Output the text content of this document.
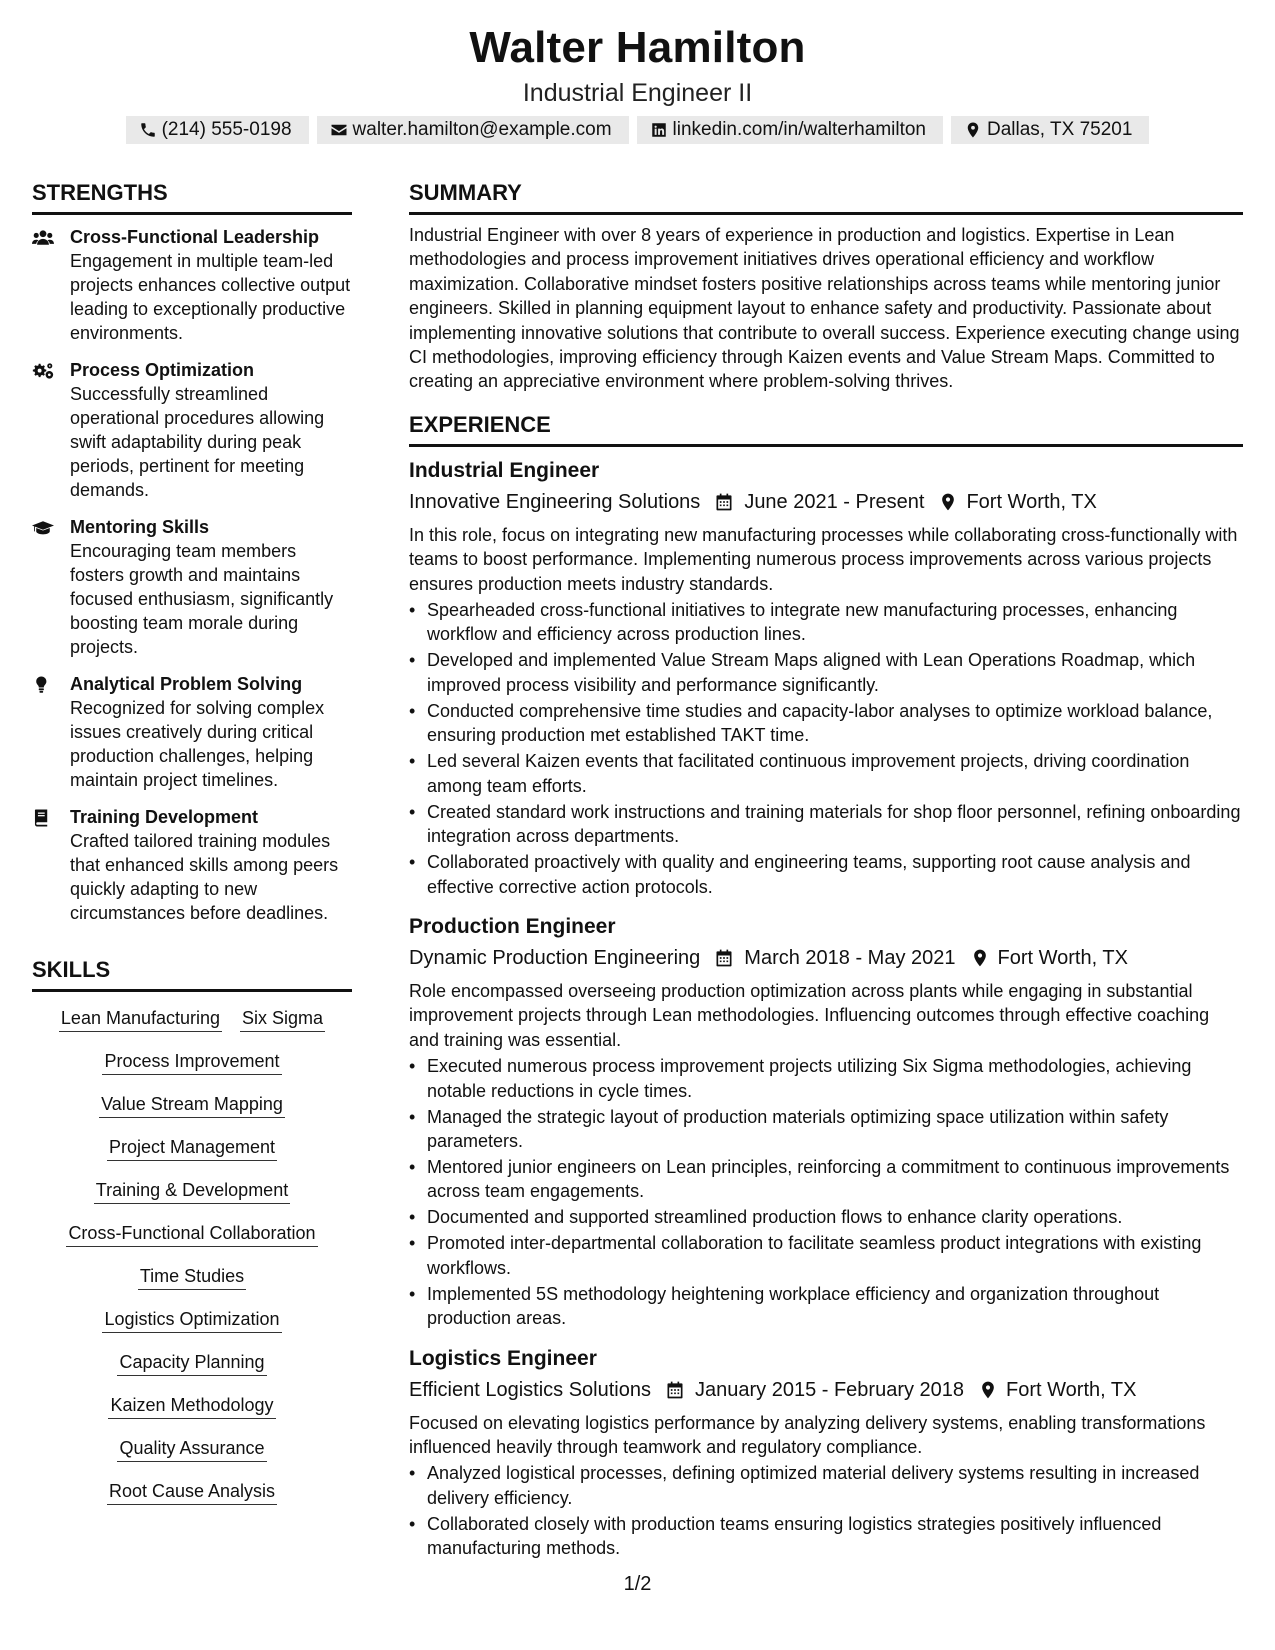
Walter Hamilton
Industrial Engineer II
(214) 555-0198	walter.hamilton@example.com	linkedin.com/in/walterhamilton	Dallas, TX 75201
STRENGTHS
Cross-Functional Leadership
Engagement in multiple team-led projects enhances collective output leading to exceptionally productive environments.
Process Optimization
Successfully streamlined operational procedures allowing swift adaptability during peak periods, pertinent for meeting demands.
Mentoring Skills
Encouraging team members fosters growth and maintains focused enthusiasm, significantly boosting team morale during projects.
Analytical Problem Solving
Recognized for solving complex issues creatively during critical production challenges, helping maintain project timelines.
Training Development
Crafted tailored training modules that enhanced skills among peers quickly adapting to new circumstances before deadlines.
SKILLS
Lean Manufacturing Six Sigma
Process Improvement
Value Stream Mapping
Project Management
Training & Development
Cross-Functional Collaboration
Time Studies
Logistics Optimization
Capacity Planning
Kaizen Methodology
Quality Assurance
Root Cause Analysis
SUMMARY
Industrial Engineer with over 8 years of experience in production and logistics. Expertise in Lean methodologies and process improvement initiatives drives operational efficiency and workflow maximization. Collaborative mindset fosters positive relationships across teams while mentoring junior engineers. Skilled in planning equipment layout to enhance safety and productivity. Passionate about implementing innovative solutions that contribute to overall success. Experience executing change using CI methodologies, improving efficiency through Kaizen events and Value Stream Maps. Committed to creating an appreciative environment where problem-solving thrives.
EXPERIENCE
Industrial Engineer
Innovative Engineering Solutions June 2021 - Present Fort Worth, TX
In this role, focus on integrating new manufacturing processes while collaborating cross-functionally with teams to boost performance. Implementing numerous process improvements across various projects ensures production meets industry standards.
• Spearheaded cross-functional initiatives to integrate new manufacturing processes, enhancing workflow and efficiency across production lines.
• Developed and implemented Value Stream Maps aligned with Lean Operations Roadmap, which improved process visibility and performance significantly.
• Conducted comprehensive time studies and capacity-labor analyses to optimize workload balance, ensuring production met established TAKT time.
• Led several Kaizen events that facilitated continuous improvement projects, driving coordination among team efforts.
• Created standard work instructions and training materials for shop floor personnel, refining onboarding integration across departments.
• Collaborated proactively with quality and engineering teams, supporting root cause analysis and effective corrective action protocols.
Production Engineer
Dynamic Production Engineering March 2018 - May 2021 Fort Worth, TX
Role encompassed overseeing production optimization across plants while engaging in substantial improvement projects through Lean methodologies. Influencing outcomes through effective coaching and training was essential.
• Executed numerous process improvement projects utilizing Six Sigma methodologies, achieving notable reductions in cycle times.
• Managed the strategic layout of production materials optimizing space utilization within safety parameters.
• Mentored junior engineers on Lean principles, reinforcing a commitment to continuous improvements across team engagements.
• Documented and supported streamlined production flows to enhance clarity operations.
• Promoted inter-departmental collaboration to facilitate seamless product integrations with existing workflows.
• Implemented 5S methodology heightening workplace efficiency and organization throughout production areas.
Logistics Engineer
Efficient Logistics Solutions January 2015 - February 2018 Fort Worth, TX
Focused on elevating logistics performance by analyzing delivery systems, enabling transformations influenced heavily through teamwork and regulatory compliance.
• Analyzed logistical processes, defining optimized material delivery systems resulting in increased delivery efficiency.
• Collaborated closely with production teams ensuring logistics strategies positively influenced manufacturing methods.
1/2
